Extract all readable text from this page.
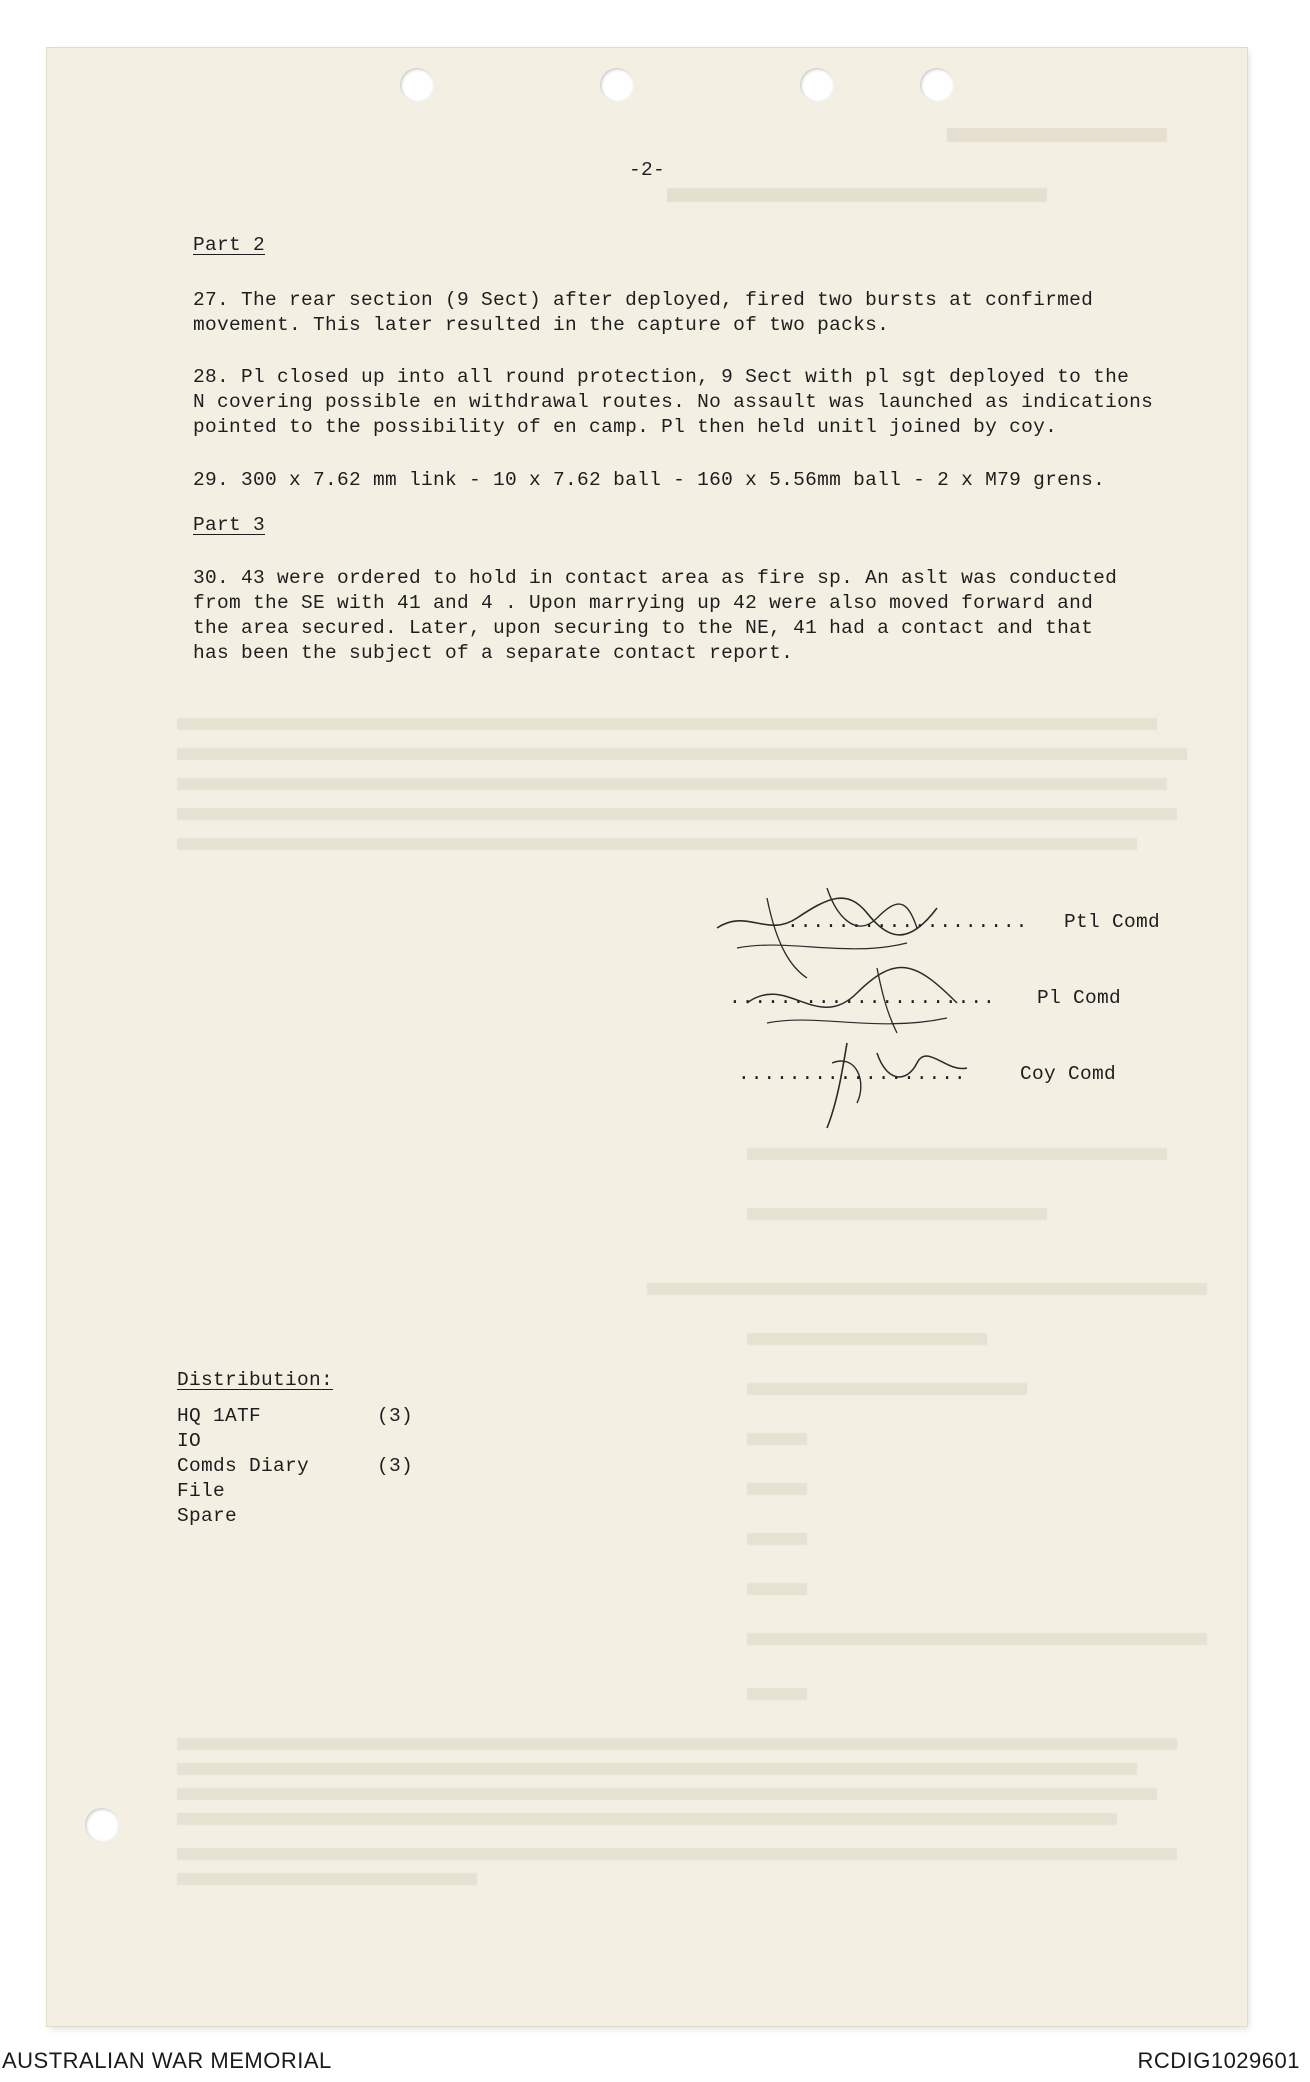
-2-
Part 2
27. The rear section (9 Sect) after deployed, fired two bursts at confirmed
movement. This later resulted in the capture of two packs.
28. Pl closed up into all round protection, 9 Sect with pl sgt deployed to the
N covering possible en withdrawal routes. No assault was launched as indications
pointed to the possibility of en camp. Pl then held unitl joined by coy.
29. 300 x 7.62 mm link - 10 x 7.62 ball - 160 x 5.56mm ball - 2 x M79 grens.
Part 3
30. 43 were ordered to hold in contact area as fire sp. An aslt was conducted
from the SE with 41 and 4 . Upon marrying up 42 were also moved forward and
the area secured. Later, upon securing to the NE, 41 had a contact and that
has been the subject of a separate contact report.
................... Ptl Comd
..................... Pl Comd
..................	Coy Comd
Distribution:
HQ 1ATF	(3)
IO
Comds Diary	(3)
File
Spare
AUSTRALIAN WAR MEMORIAL	RCDIG1029601
